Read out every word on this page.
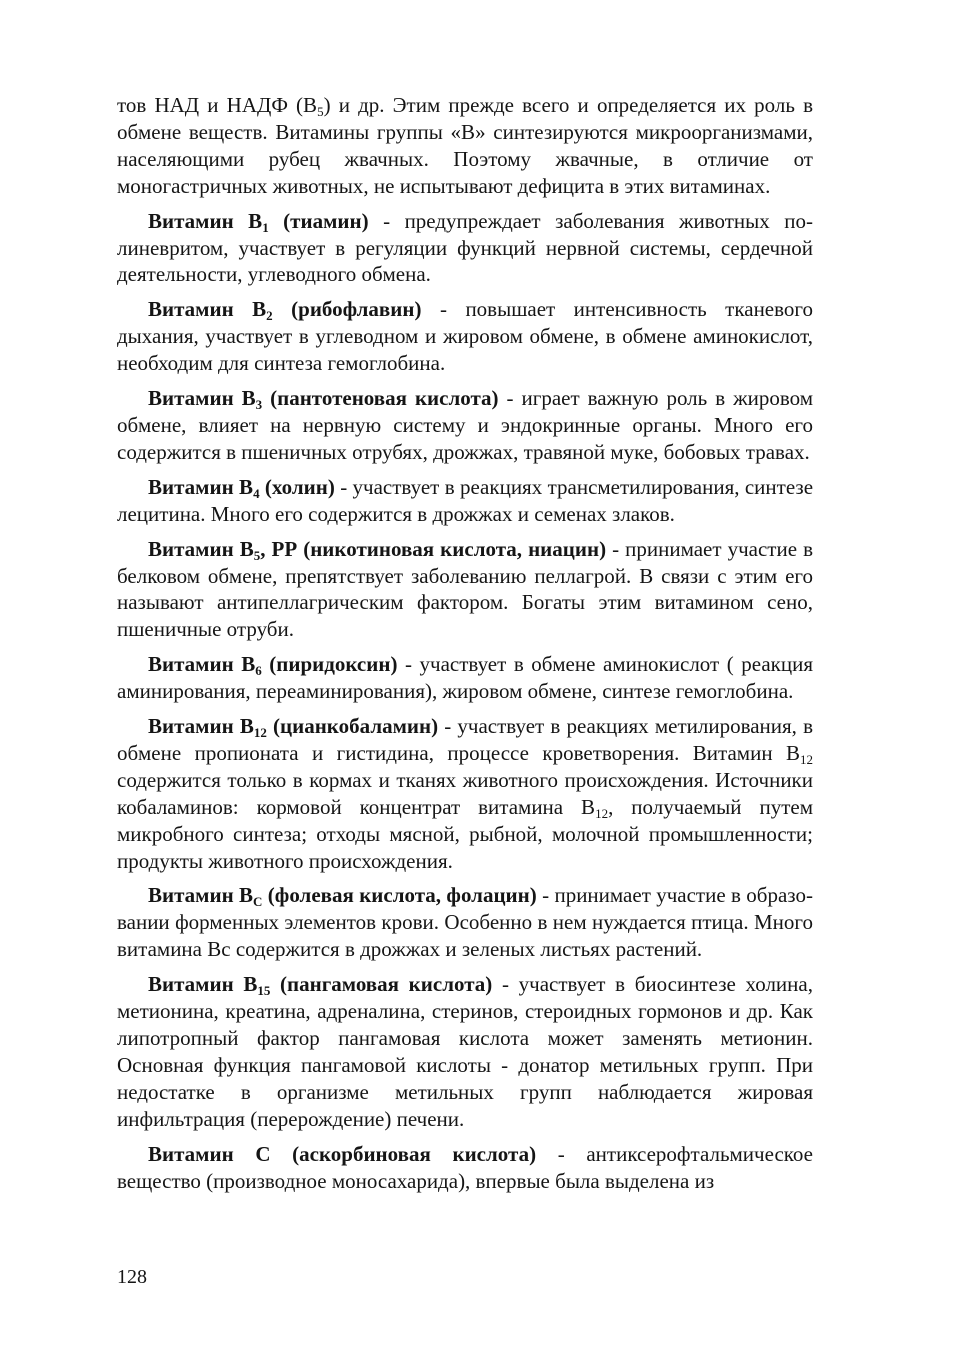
тов НАД и НАДФ $(В_5)$ и др. Этим прежде всего и определяется их роль в обмене веществ. Витамины группы «В» синтезируются микроорганизмами, населяющими рубец жвачных. Поэтому жвачные, в отличие от моногастричных животных, не испытывают дефицита в этих витаминах.

Витамин $В_1$ (тиамин) - предупреждает заболевания животных полиневритом, участвует в регуляции функций нервной системы, сердечной деятельности, углеводного обмена.

Витамин $В_2$ (рибофлавин) - повышает интенсивность тканевого дыхания, участвует в углеводном и жировом обмене, в обмене аминокислот, необходим для синтеза гемоглобина.

Витамин $В_3$ (пантотеновая кислота) - играет важную роль в жировом обмене, влияет на нервную систему и эндокринные органы. Много его содержится в пшеничных отрубях, дрожжах, травяной муке, бобовых травах.

Витамин $В_4$ (холин) - участвует в реакциях трансметилирования, синтезе лецитина. Много его содержится в дрожжах и семенах злаков.

Витамин $В_5$, РР (никотиновая кислота, ниацин) - принимает участие в белковом обмене, препятствует заболеванию пеллагрой. В связи с этим его называют антипеллагрическим фактором. Богаты этим витамином сено, пшеничные отруби.

Витамин $В_6$ (пиридоксин) - участвует в обмене аминокислот ( реакция аминирования, переаминирования), жировом обмене, синтезе гемоглобина.

Витамин $В_{12}$ (цианкобаламин) - участвует в реакциях метилирования, в обмене пропионата и гистидина, процессе кроветворения. Витамин $В_{12}$ содержится только в кормах и тканях животного происхождения. Источники кобаламинов: кормовой концентрат витамина $В_{12}$, получаемый путем микробного синтеза; отходы мясной, рыбной, молочной промышленности; продукты животного происхождения.

Витамин $В_С$ (фолевая кислота, фолацин) - принимает участие в образовании форменных элементов крови. Особенно в нем нуждается птица. Много витамина Вс содержится в дрожжах и зеленых листьях растений.

Витамин $В_{15}$ (пангамовая кислота) - участвует в биосинтезе холина, метионина, креатина, адреналина, стеринов, стероидных гормонов и др. Как липотропный фактор пангамовая кислота может заменять метионин. Основная функция пангамовой кислоты - донатор метильных групп. При недостатке в организме метильных групп наблюдается жировая инфильтрация (перерождение) печени.

Витамин С (аскорбиновая кислота) - антиксерофтальмическое вещество (производное моносахарида), впервые была выделена из

128
